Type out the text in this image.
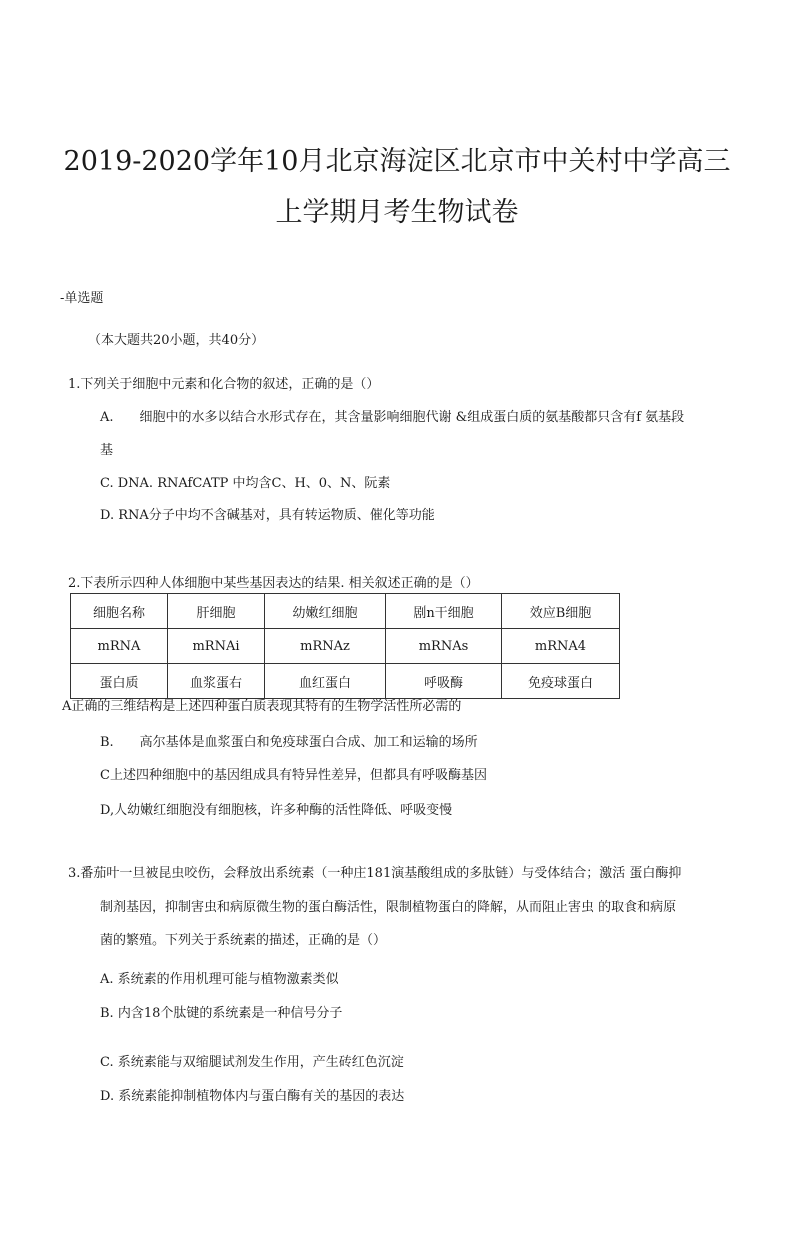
2019-2020学年10月北京海淀区北京市中关村中学高三
上学期月考生物试卷
-单选题
（本大题共20小题，共40分）
1.下列关于细胞中元素和化合物的叙述，正确的是（）
A.　　细胞中的水多以结合水形式存在，其含量影响细胞代谢 &组成蛋白质的氨基酸都只含有f 氨基段
基
C. DNA. RNAfCATP 中均含C、H、0、N、阮素
D. RNA分子中均不含碱基对，具有转运物质、催化等功能
2.下表所示四种人体细胞中某些基因表达的结果. 相关叙述正确的是（）
细胞名称	肝细胞	幼嫩红细胞	剧n干细胞	效应B细胞
mRNA	mRNAi	mRNAz	mRNAs	mRNA4
蛋白质	血浆蛋右	血红蛋白	呼吸酶	免疫球蛋白
A正确的三维结构是上述四种蛋白质表现其特有的生物学活性所必需的
B.　　高尔基体是血浆蛋白和免疫球蛋白合成、加工和运输的场所
C上述四种细胞中的基因组成具有特异性差异，但都具有呼吸酶基因
D,人幼嫩红细胞没有细胞核，许多种酶的活性降低、呼吸变慢
3.番茄叶一旦被昆虫咬伤，会释放出系统素（一种庄181演基酸组成的多肽链）与受体结合；激活 蛋白酶抑
制剂基因，抑制害虫和病原微生物的蛋白酶活性，限制植物蛋白的降解，从而阻止害虫 的取食和病原
菌的繁殖。下列关于系统素的描述，正确的是（）
A. 系统素的作用机理可能与植物激素类似
B. 内含18个肽键的系统素是一种信号分子
C. 系统素能与双缩腿试剂发生作用，产生砖红色沉淀
D. 系统素能抑制植物体内与蛋白酶有关的基因的表达
